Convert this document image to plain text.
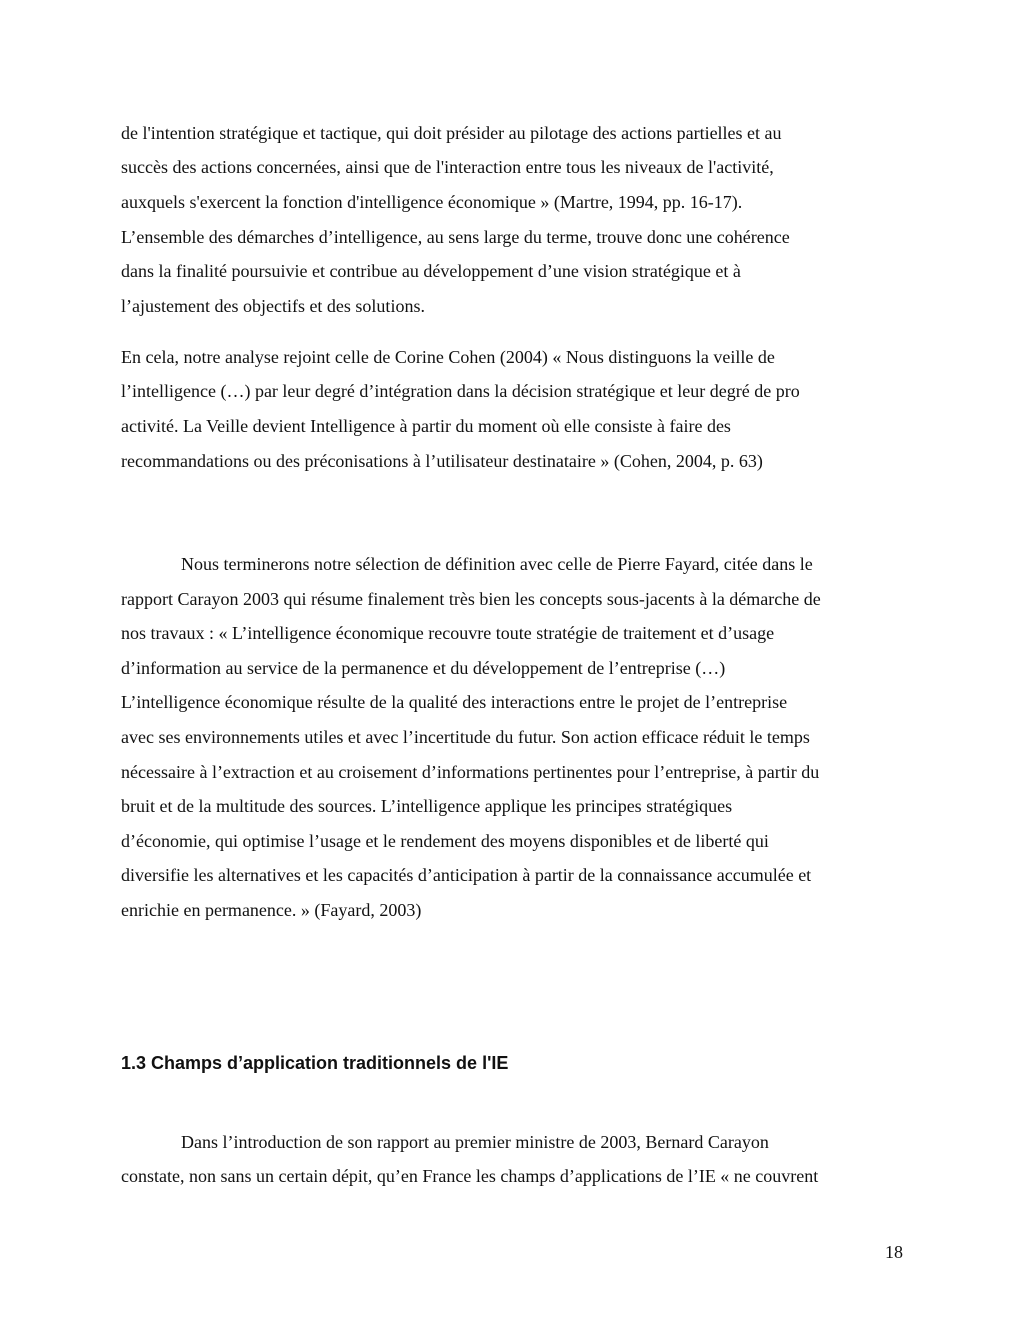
de l'intention stratégique et tactique, qui doit présider au pilotage des actions partielles et au
succès des actions concernées, ainsi que de l'interaction entre tous les niveaux de l'activité,
auxquels s'exercent la fonction d'intelligence économique » (Martre, 1994, pp. 16-17).
L’ensemble des démarches d’intelligence, au sens large du terme, trouve donc une cohérence
dans la finalité poursuivie et contribue au développement d’une vision stratégique et à
l’ajustement des objectifs et des solutions.
En cela, notre analyse rejoint celle de Corine Cohen (2004) « Nous distinguons la veille de
l’intelligence (…) par leur degré d’intégration dans la décision stratégique et leur degré de pro
activité. La Veille devient Intelligence à partir du moment où elle consiste à faire des
recommandations ou des préconisations à l’utilisateur destinataire » (Cohen, 2004, p. 63)
Nous terminerons notre sélection de définition avec celle de Pierre Fayard, citée dans le
rapport Carayon 2003 qui résume finalement très bien les concepts sous-jacents à la démarche de
nos travaux : « L’intelligence économique recouvre toute stratégie de traitement et d’usage
d’information au service de la permanence et du développement de l’entreprise (…)
L’intelligence économique résulte de la qualité des interactions entre le projet de l’entreprise
avec ses environnements utiles et avec l’incertitude du futur. Son action efficace réduit le temps
nécessaire à l’extraction et au croisement d’informations pertinentes pour l’entreprise, à partir du
bruit et de la multitude des sources. L’intelligence applique les principes stratégiques
d’économie, qui optimise l’usage et le rendement des moyens disponibles et de liberté qui
diversifie les alternatives et les capacités d’anticipation à partir de la connaissance accumulée et
enrichie en permanence. » (Fayard, 2003)
1.3 Champs d’application traditionnels de l'IE
Dans l’introduction de son rapport au premier ministre de 2003, Bernard Carayon
constate, non sans un certain dépit, qu’en France les champs d’applications de l’IE « ne couvrent
18
